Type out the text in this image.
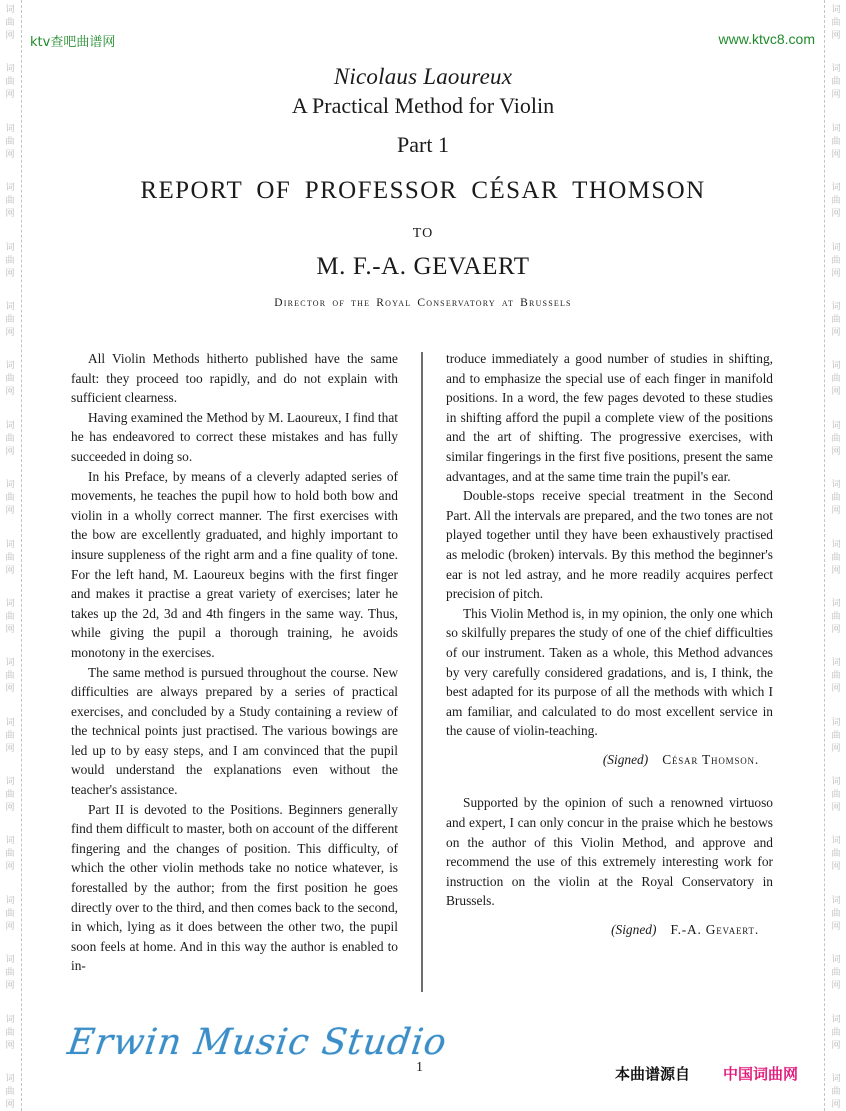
词
曲
网
词
曲
网
词
曲
网
词
曲
网
词
曲
网
词
曲
网
词
曲
网
词
曲
网
词
曲
网
词
曲
网
词
曲
网
词
曲
网
词
曲
网
词
曲
网
词
曲
网
词
曲
网
词
曲
网
词
曲
网
词
曲
网
词
曲
网
词
曲
网
词
曲
网
词
曲
网
词
曲
网
词
曲
网
词
曲
网
词
曲
网
词
曲
网
词
曲
网
词
曲
网
词
曲
网
词
曲
网
词
曲
网
词
曲
网
词
曲
网
词
曲
网
词
曲
网
词
曲
网
ktv查吧曲谱网	www.ktvc8.com
Nicolaus Laoureux
A Practical Method for Violin
Part 1
REPORT OF PROFESSOR CÉSAR THOMSON
TO
M. F.-A. GEVAERT
Director of the Royal Conservatory at Brussels

All Violin Methods hitherto published have the same fault: they proceed too rapidly, and do not explain with sufficient clearness.

Having examined the Method by M. Laoureux, I find that he has endeavored to correct these mistakes and has fully succeeded in doing so.

In his Preface, by means of a cleverly adapted series of movements, he teaches the pupil how to hold both bow and violin in a wholly correct manner. The first exercises with the bow are excellently graduated, and highly important to insure suppleness of the right arm and a fine quality of tone. For the left hand, M. Laoureux begins with the first finger and makes it practise a great variety of exercises; later he takes up the 2d, 3d and 4th fingers in the same way. Thus, while giving the pupil a thorough training, he avoids monotony in the exercises.

The same method is pursued throughout the course. New difficulties are always prepared by a series of practical exercises, and concluded by a Study containing a review of the technical points just practised. The various bowings are led up to by easy steps, and I am convinced that the pupil would understand the explanations even without the teacher's assistance.

Part II is devoted to the Positions. Beginners generally find them difficult to master, both on account of the different fingering and the changes of position. This difficulty, of which the other violin methods take no notice whatever, is forestalled by the author; from the first position he goes directly over to the third, and then comes back to the second, in which, lying as it does between the other two, the pupil soon feels at home. And in this way the author is enabled to in-

troduce immediately a good number of studies in shifting, and to emphasize the special use of each finger in manifold positions. In a word, the few pages devoted to these studies in shifting afford the pupil a complete view of the positions and the art of shifting. The progressive exercises, with similar fingerings in the first five positions, present the same advantages, and at the same time train the pupil's ear.

Double-stops receive special treatment in the Second Part. All the intervals are prepared, and the two tones are not played together until they have been exhaustively practised as melodic (broken) intervals. By this method the beginner's ear is not led astray, and he more readily acquires perfect precision of pitch.

This Violin Method is, in my opinion, the only one which so skilfully prepares the study of one of the chief difficulties of our instrument. Taken as a whole, this Method advances by very carefully considered gradations, and is, I think, the best adapted for its purpose of all the methods with which I am familiar, and calculated to do most excellent service in the cause of violin-teaching.

(Signed) César Thomson.

Supported by the opinion of such a renowned virtuoso and expert, I can only concur in the praise which he bestows on the author of this Violin Method, and approve and recommend the use of this extremely interesting work for instruction on the violin at the Royal Conservatory in Brussels.

(Signed) F.-A. Gevaert.

Erwin Music Studio
1	本曲谱源自 中国词曲网
